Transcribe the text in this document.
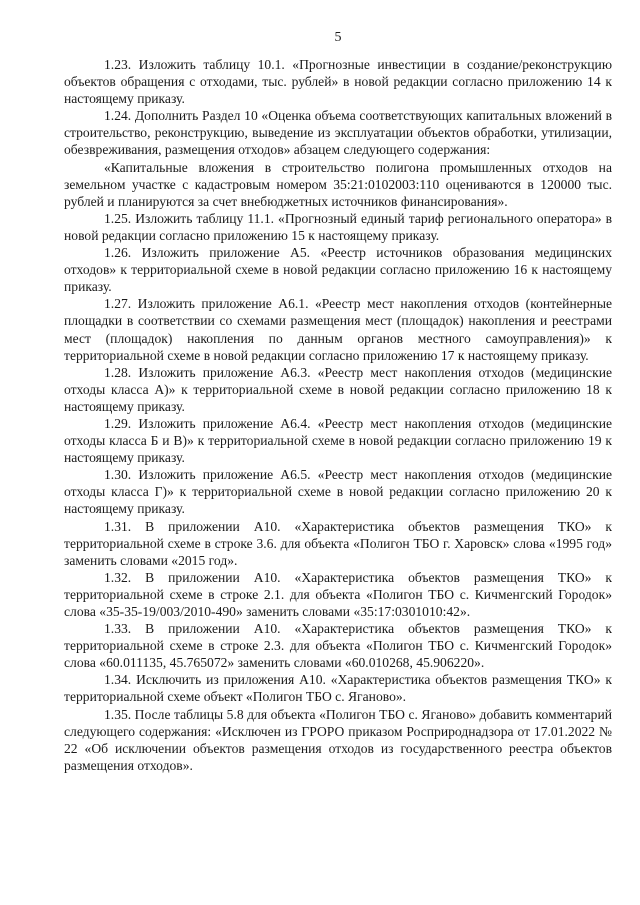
5

1.23. Изложить таблицу 10.1. «Прогнозные инвестиции в создание/реконструкцию объектов обращения с отходами, тыс. рублей» в новой редакции согласно приложению 14 к настоящему приказу.

1.24. Дополнить Раздел 10 «Оценка объема соответствующих капитальных вложений в строительство, реконструкцию, выведение из эксплуатации объектов обработки, утилизации, обезвреживания, размещения отходов» абзацем следующего содержания:

«Капитальные вложения в строительство полигона промышленных отходов на земельном участке с кадастровым номером 35:21:0102003:110 оцениваются в 120000 тыс. рублей и планируются за счет внебюджетных источников финансирования».

1.25. Изложить таблицу 11.1. «Прогнозный единый тариф регионального оператора» в новой редакции согласно приложению 15 к настоящему приказу.

1.26. Изложить приложение А5. «Реестр источников образования медицинских отходов» к территориальной схеме в новой редакции согласно приложению 16 к настоящему приказу.

1.27. Изложить приложение А6.1. «Реестр мест накопления отходов (контейнерные площадки в соответствии со схемами размещения мест (площадок) накопления и реестрами мест (площадок) накопления по данным органов местного самоуправления)» к территориальной схеме в новой редакции согласно приложению 17 к настоящему приказу.

1.28. Изложить приложение А6.3. «Реестр мест накопления отходов (медицинские отходы класса А)» к территориальной схеме в новой редакции согласно приложению 18 к настоящему приказу.

1.29. Изложить приложение А6.4. «Реестр мест накопления отходов (медицинские отходы класса Б и В)» к территориальной схеме в новой редакции согласно приложению 19 к настоящему приказу.

1.30. Изложить приложение А6.5. «Реестр мест накопления отходов (медицинские отходы класса Г)» к территориальной схеме в новой редакции согласно приложению 20 к настоящему приказу.

1.31. В приложении А10. «Характеристика объектов размещения ТКО» к территориальной схеме в строке 3.6. для объекта «Полигон ТБО г. Харовск» слова «1995 год» заменить словами «2015 год».

1.32. В приложении А10. «Характеристика объектов размещения ТКО» к территориальной схеме в строке 2.1. для объекта «Полигон ТБО с. Кичменгский Городок» слова «35-35-19/003/2010-490» заменить словами «35:17:0301010:42».

1.33. В приложении А10. «Характеристика объектов размещения ТКО» к территориальной схеме в строке 2.3. для объекта «Полигон ТБО с. Кичменгский Городок» слова «60.011135, 45.765072» заменить словами «60.010268, 45.906220».

1.34. Исключить из приложения А10. «Характеристика объектов размещения ТКО» к территориальной схеме объект «Полигон ТБО с. Яганово».

1.35. После таблицы 5.8 для объекта «Полигон ТБО с. Яганово» добавить комментарий следующего содержания: «Исключен из ГРОРО приказом Росприроднадзора от 17.01.2022 № 22 «Об исключении объектов размещения отходов из государственного реестра объектов размещения отходов».
